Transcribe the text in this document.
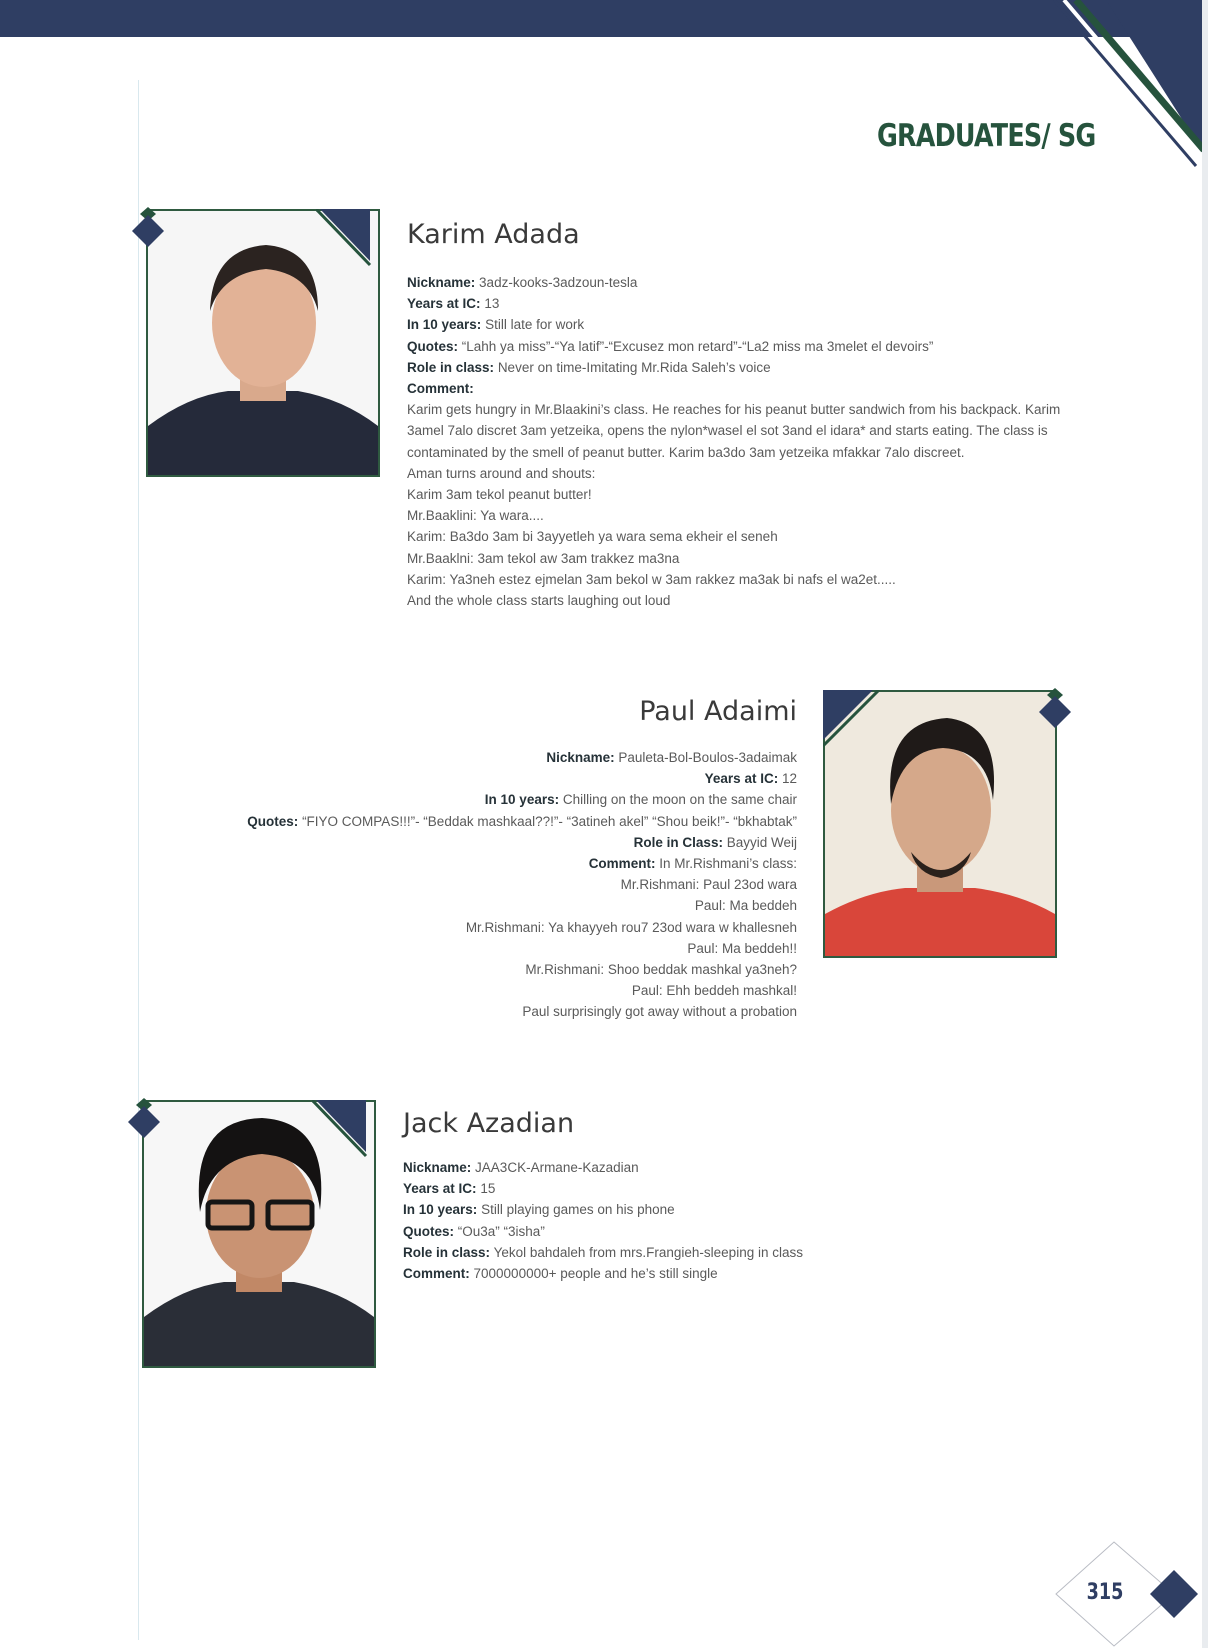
GRADUATES/ SG
Karim Adada
Nickname: 3adz-kooks-3adzoun-tesla
Years at IC: 13
In 10 years: Still late for work
Quotes: “Lahh ya miss”-“Ya latif”-“Excusez mon retard”-“La2 miss ma 3melet el devoirs”
Role in class: Never on time-Imitating Mr.Rida Saleh’s voice
Comment:
Karim gets hungry in Mr.Blaakini’s class. He reaches for his peanut butter sandwich from his backpack. Karim 3amel 7alo discret 3am yetzeika, opens the nylon*wasel el sot 3and el idara* and starts eating. The class is contaminated by the smell of peanut butter. Karim ba3do 3am yetzeika mfakkar 7alo discreet.
Aman turns around and shouts:
Karim 3am tekol peanut butter!
Mr.Baaklini: Ya wara....
Karim: Ba3do 3am bi 3ayyetleh ya wara sema ekheir el seneh
Mr.Baaklni: 3am tekol aw 3am trakkez ma3na
Karim: Ya3neh estez ejmelan 3am bekol w 3am rakkez ma3ak bi nafs el wa2et.....
And the whole class starts laughing out loud
Paul Adaimi
Nickname: Pauleta-Bol-Boulos-3adaimak
Years at IC: 12
In 10 years: Chilling on the moon on the same chair
Quotes: “FIYO COMPAS!!!”- “Beddak mashkaal??!”- “3atineh akel” “Shou beik!”- “bkhabtak”
Role in Class: Bayyid Weij
Comment: In Mr.Rishmani’s class:
Mr.Rishmani: Paul 23od wara
Paul: Ma beddeh
Mr.Rishmani: Ya khayyeh rou7 23od wara w khallesneh
Paul: Ma beddeh!!
Mr.Rishmani: Shoo beddak mashkal ya3neh?
Paul: Ehh beddeh mashkal!
Paul surprisingly got away without a probation
Jack Azadian
Nickname: JAA3CK-Armane-Kazadian
Years at IC: 15
In 10 years: Still playing games on his phone
Quotes: “Ou3a” “3isha”
Role in class: Yekol bahdaleh from mrs.Frangieh-sleeping in class
Comment: 7000000000+ people and he’s still single
315
